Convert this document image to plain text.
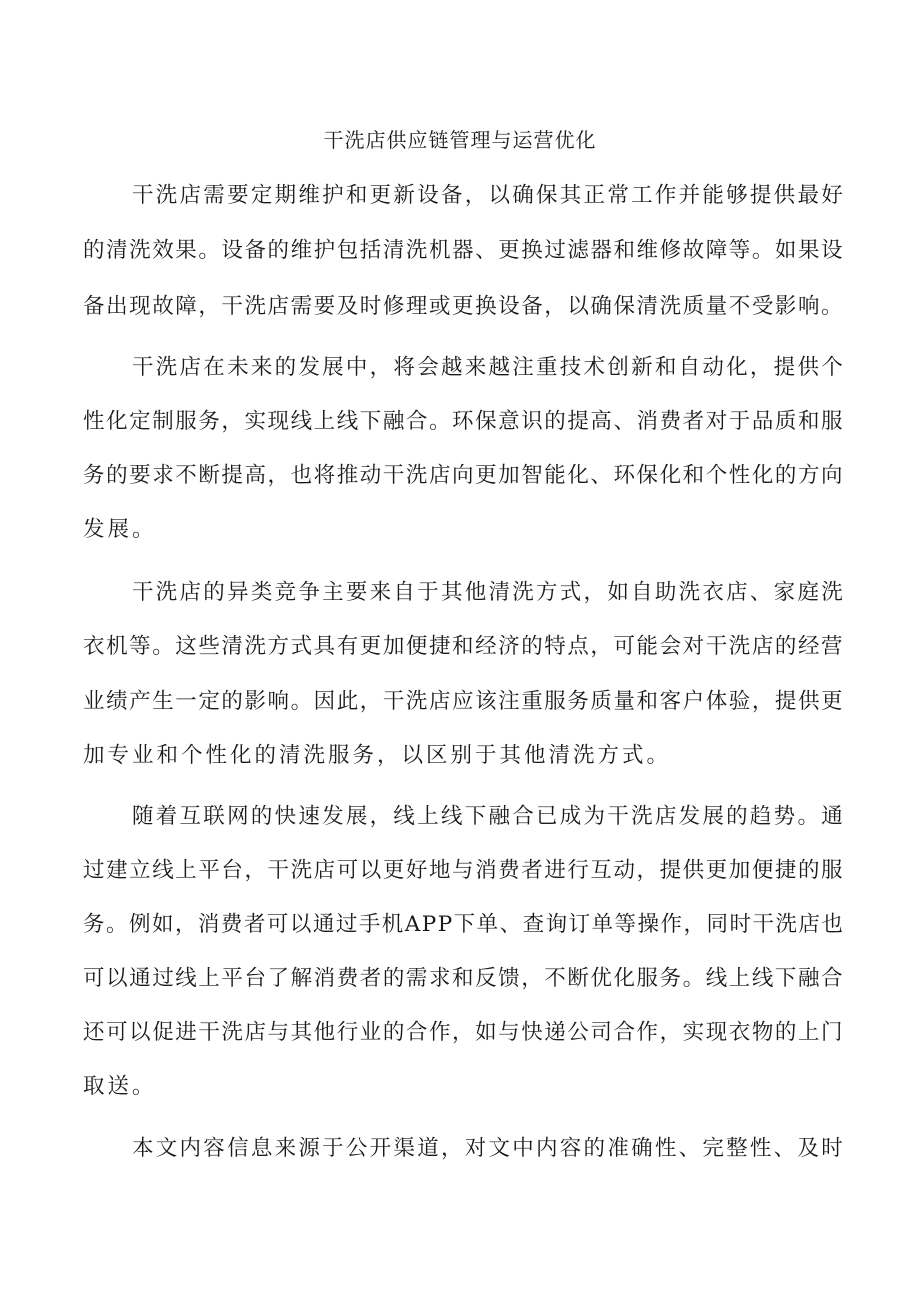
干洗店供应链管理与运营优化
干 洗 店 需 要 定 期 维 护 和 更 新 设 备 ， 以 确 保 其 正 常 工 作 并 能 够 提 供 最 好
的 清 洗 效 果 。 设 备 的 维 护 包 括 清 洗 机 器 、 更 换 过 滤 器 和 维 修 故 障 等 。 如 果 设
备 出 现 故 障 ， 干 洗 店 需 要 及 时 修 理 或 更 换 设 备 ， 以 确 保 清 洗 质 量 不 受 影 响 。
干 洗 店 在 未 来 的 发 展 中 ， 将 会 越 来 越 注 重 技 术 创 新 和 自 动 化 ， 提 供 个
性 化 定 制 服 务 ， 实 现 线 上 线 下 融 合 。 环 保 意 识 的 提 高 、 消 费 者 对 于 品 质 和 服
务 的 要 求 不 断 提 高 ， 也 将 推 动 干 洗 店 向 更 加 智 能 化 、 环 保 化 和 个 性 化 的 方 向
发展。
干 洗 店 的 异 类 竞 争 主 要 来 自 于 其 他 清 洗 方 式 ， 如 自 助 洗 衣 店 、 家 庭 洗
衣 机 等 。 这 些 清 洗 方 式 具 有 更 加 便 捷 和 经 济 的 特 点 ， 可 能 会 对 干 洗 店 的 经 营
业 绩 产 生 一 定 的 影 响 。 因 此 ， 干 洗 店 应 该 注 重 服 务 质 量 和 客 户 体 验 ， 提 供 更
加专业和个性化的清洗服务，以区别于其他清洗方式。
随 着 互 联 网 的 快 速 发 展 ， 线 上 线 下 融 合 已 成 为 干 洗 店 发 展 的 趋 势 。 通
过 建 立 线 上 平 台 ， 干 洗 店 可 以 更 好 地 与 消 费 者 进 行 互 动 ， 提 供 更 加 便 捷 的 服
务 。 例 如 ， 消 费 者 可 以 通 过 手 机 A P P 下 单 、 查 询 订 单 等 操 作 ， 同 时 干 洗 店 也
可 以 通 过 线 上 平 台 了 解 消 费 者 的 需 求 和 反 馈 ， 不 断 优 化 服 务 。 线 上 线 下 融 合
还 可 以 促 进 干 洗 店 与 其 他 行 业 的 合 作 ， 如 与 快 递 公 司 合 作 ， 实 现 衣 物 的 上 门
取送。
本 文 内 容 信 息 来 源 于 公 开 渠 道 ， 对 文 中 内 容 的 准 确 性 、 完 整 性 、 及 时
